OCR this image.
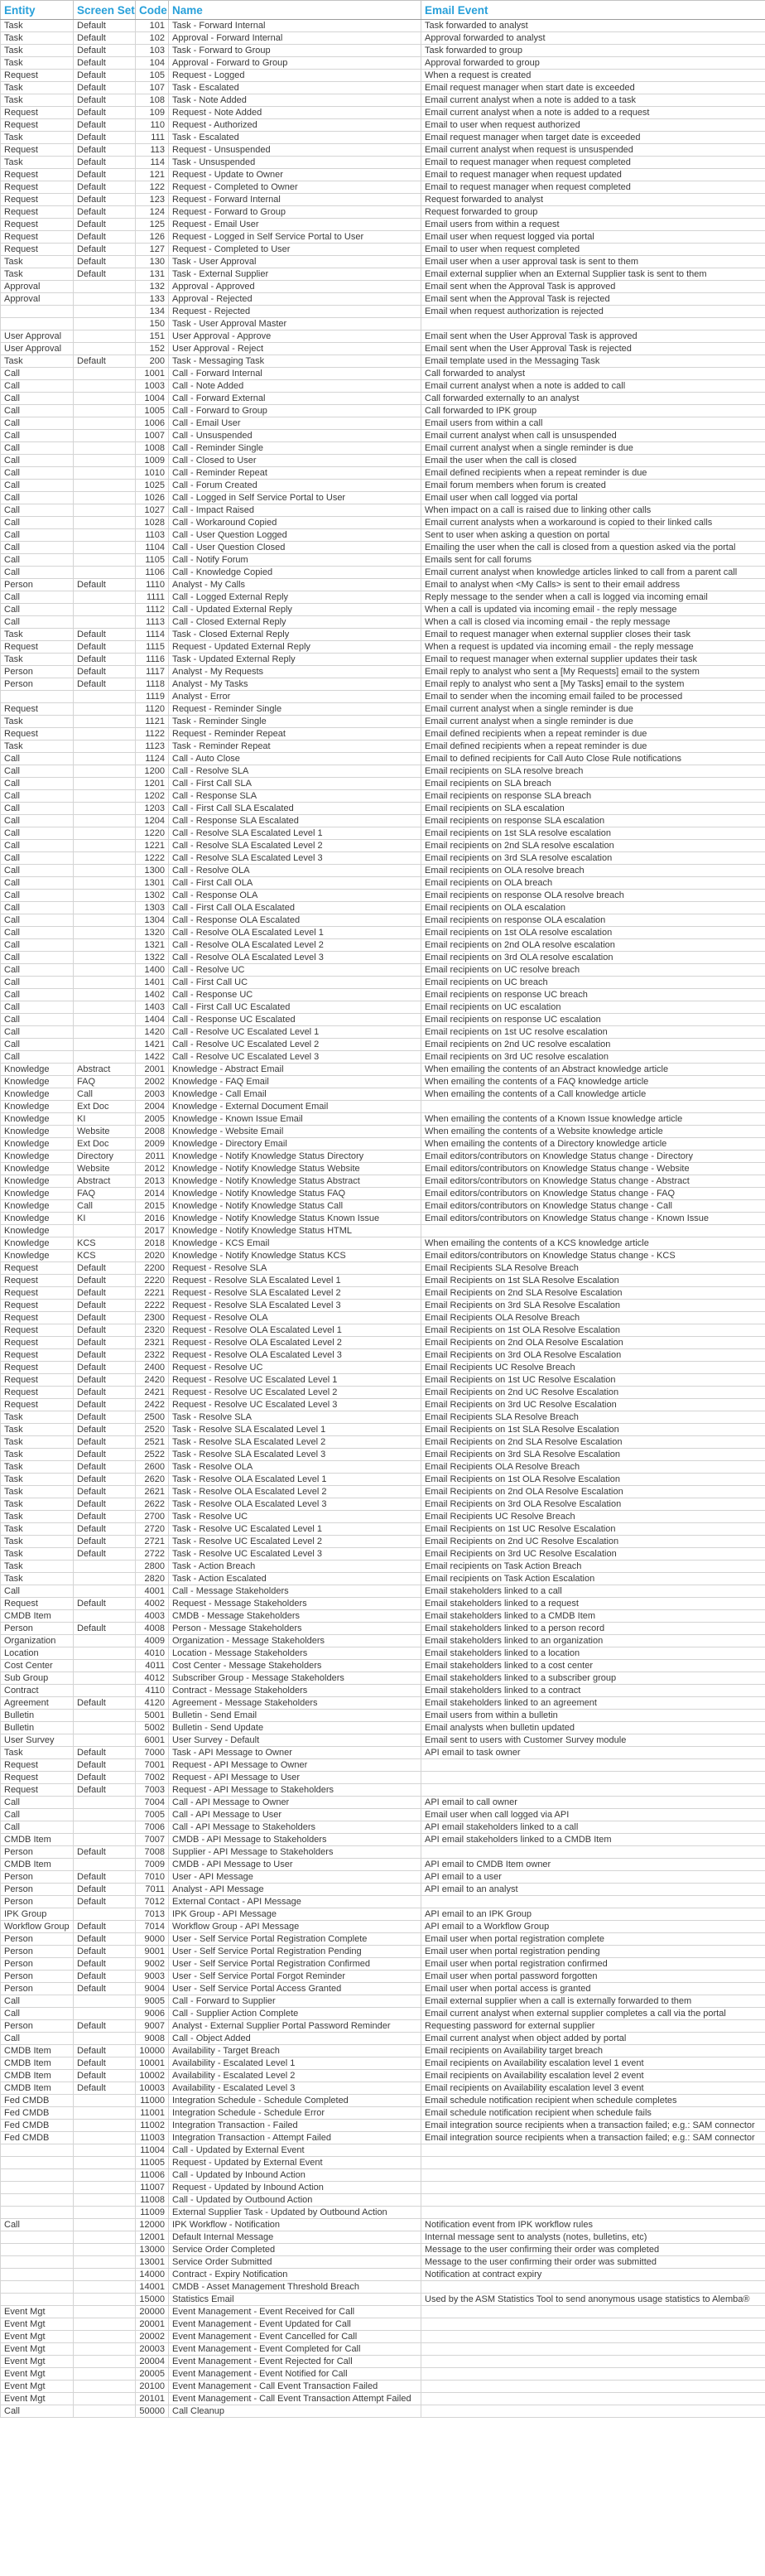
Entity	Screen Set	Code	Name	Email Event
Task	Default	101	Task - Forward Internal	Task forwarded to analyst
Task	Default	102	Approval - Forward Internal	Approval forwarded to analyst
Task	Default	103	Task - Forward to Group	Task forwarded to group
Task	Default	104	Approval - Forward to Group	Approval forwarded to group
Request	Default	105	Request - Logged	When a request is created
Task	Default	107	Task - Escalated	Email request manager when start date is exceeded
Task	Default	108	Task - Note Added	Email current analyst when a note is added to a task
Request	Default	109	Request - Note Added	Email current analyst when a note is added to a request
Request	Default	110	Request - Authorized	Email to user when request authorized
Task	Default	111	Task - Escalated	Email request manager when target date is exceeded
Request	Default	113	Request - Unsuspended	Email current analyst when request is unsuspended
Task	Default	114	Task - Unsuspended	Email to request manager when request completed
Request	Default	121	Request - Update to Owner	Email to request manager when request updated
Request	Default	122	Request - Completed to Owner	Email to request manager when request completed
Request	Default	123	Request - Forward Internal	Request forwarded to analyst
Request	Default	124	Request - Forward to Group	Request forwarded to group
Request	Default	125	Request - Email User	Email users from within a request
Request	Default	126	Request - Logged in Self Service Portal to User	Email user when request logged via portal
Request	Default	127	Request - Completed to User	Email to user when request completed
Task	Default	130	Task - User Approval	Email user when a user approval task is sent to them
Task	Default	131	Task - External Supplier	Email external supplier when an External Supplier task is sent to them
Approval		132	Approval - Approved	Email sent when the Approval Task is approved
Approval		133	Approval - Rejected	Email sent when the Approval Task is rejected
		134	Request - Rejected	Email when request authorization is rejected
		150	Task - User Approval Master	
User Approval		151	User Approval - Approve	Email sent when the User Approval Task is approved
User Approval		152	User Approval - Reject	Email sent when the User Approval Task is rejected
Task	Default	200	Task - Messaging Task	Email template used in the Messaging Task
Call		1001	Call - Forward Internal	Call forwarded to analyst
Call		1003	Call - Note Added	Email current analyst when a note is added to call
Call		1004	Call - Forward External	Call forwarded externally to an analyst
Call		1005	Call - Forward to Group	Call forwarded to IPK group
Call		1006	Call - Email User	Email users from within a call
Call		1007	Call - Unsuspended	Email current analyst when call is unsuspended
Call		1008	Call - Reminder Single	Email current analyst when a single reminder is due
Call		1009	Call - Closed to User	Email the user when the call is closed
Call		1010	Call - Reminder Repeat	Email defined recipients when a repeat reminder is due
Call		1025	Call - Forum Created	Email forum members when forum is created
Call		1026	Call - Logged in Self Service Portal to User	Email user when call logged via portal
Call		1027	Call - Impact Raised	When impact on a call is raised due to linking other calls
Call		1028	Call - Workaround Copied	Email current analysts when a workaround is copied to their linked calls
Call		1103	Call - User Question Logged	Sent to user when asking a question on portal
Call		1104	Call - User Question Closed	Emailing the user when the call is closed from a question asked via the portal
Call		1105	Call - Notify Forum	Emails sent for call forums
Call		1106	Call - Knowledge Copied	Email current analyst when knowledge articles linked to call from a parent call
Person	Default	1110	Analyst - My Calls	Email to analyst when <My Calls> is sent to their email address
Call		1111	Call - Logged External Reply	Reply message to the sender when a call is logged via incoming email
Call		1112	Call - Updated External Reply	When a call is updated via incoming email - the reply message
Call		1113	Call - Closed External Reply	When a call is closed via incoming email - the reply message
Task	Default	1114	Task - Closed External Reply	Email to request manager when external supplier closes their task
Request	Default	1115	Request - Updated External Reply	When a request is updated via incoming email - the reply message
Task	Default	1116	Task - Updated External Reply	Email to request manager when external supplier updates their task
Person	Default	1117	Analyst - My Requests	Email reply to analyst who sent a [My Requests] email to the system
Person	Default	1118	Analyst - My Tasks	Email reply to analyst who sent a [My Tasks] email to the system
		1119	Analyst - Error	Email to sender when the incoming email failed to be processed
Request		1120	Request - Reminder Single	Email current analyst when a single reminder is due
Task		1121	Task - Reminder Single	Email current analyst when a single reminder is due
Request		1122	Request - Reminder Repeat	Email defined recipients when a repeat reminder is due
Task		1123	Task - Reminder Repeat	Email defined recipients when a repeat reminder is due
Call		1124	Call - Auto Close	Email to defined recipients for Call Auto Close Rule notifications
Call		1200	Call - Resolve SLA	Email recipients on SLA resolve breach
Call		1201	Call - First Call SLA	Email recipients on SLA breach
Call		1202	Call - Response SLA	Email recipients on response SLA breach
Call		1203	Call - First Call SLA Escalated	Email recipients on SLA escalation
Call		1204	Call - Response SLA Escalated	Email recipients on response SLA escalation
Call		1220	Call - Resolve SLA Escalated Level 1	Email recipients on 1st SLA resolve escalation
Call		1221	Call - Resolve SLA Escalated Level 2	Email recipients on 2nd SLA resolve escalation
Call		1222	Call - Resolve SLA Escalated Level 3	Email recipients on 3rd SLA resolve escalation
Call		1300	Call - Resolve OLA	Email recipients on OLA resolve breach
Call		1301	Call - First Call OLA	Email recipients on OLA breach
Call		1302	Call - Response OLA	Email recipients on response OLA resolve breach
Call		1303	Call - First Call OLA Escalated	Email recipients on OLA escalation
Call		1304	Call - Response OLA Escalated	Email recipients on response OLA escalation
Call		1320	Call - Resolve OLA Escalated Level 1	Email recipients on 1st OLA resolve escalation
Call		1321	Call - Resolve OLA Escalated Level 2	Email recipients on 2nd OLA resolve escalation
Call		1322	Call - Resolve OLA Escalated Level 3	Email recipients on 3rd OLA resolve escalation
Call		1400	Call - Resolve UC	Email recipients on UC resolve breach
Call		1401	Call - First Call UC	Email recipients on UC breach
Call		1402	Call - Response UC	Email recipients on response UC breach
Call		1403	Call - First Call UC Escalated	Email recipients on UC escalation
Call		1404	Call - Response UC Escalated	Email recipients on response UC escalation
Call		1420	Call - Resolve UC Escalated Level 1	Email recipients on 1st UC resolve escalation
Call		1421	Call - Resolve UC Escalated Level 2	Email recipients on 2nd UC resolve escalation
Call		1422	Call - Resolve UC Escalated Level 3	Email recipients on 3rd UC resolve escalation
Knowledge	Abstract	2001	Knowledge - Abstract Email	When emailing the contents of an Abstract knowledge article
Knowledge	FAQ	2002	Knowledge - FAQ Email	When emailing the contents of a FAQ knowledge article
Knowledge	Call	2003	Knowledge - Call Email	When emailing the contents of a Call knowledge article
Knowledge	Ext Doc	2004	Knowledge - External Document Email	
Knowledge	KI	2005	Knowledge - Known Issue Email	When emailing the contents of a Known Issue knowledge article
Knowledge	Website	2008	Knowledge - Website Email	When emailing the contents of a Website knowledge article
Knowledge	Ext Doc	2009	Knowledge - Directory Email	When emailing the contents of a Directory knowledge article
Knowledge	Directory	2011	Knowledge - Notify Knowledge Status Directory	Email editors/contributors on Knowledge Status change - Directory
Knowledge	Website	2012	Knowledge - Notify Knowledge Status Website	Email editors/contributors on Knowledge Status change - Website
Knowledge	Abstract	2013	Knowledge - Notify Knowledge Status Abstract	Email editors/contributors on Knowledge Status change - Abstract
Knowledge	FAQ	2014	Knowledge - Notify Knowledge Status FAQ	Email editors/contributors on Knowledge Status change - FAQ
Knowledge	Call	2015	Knowledge - Notify Knowledge Status Call	Email editors/contributors on Knowledge Status change - Call
Knowledge	KI	2016	Knowledge - Notify Knowledge Status Known Issue	Email editors/contributors on Knowledge Status change - Known Issue
Knowledge		2017	Knowledge - Notify Knowledge Status HTML	
Knowledge	KCS	2018	Knowledge - KCS Email	When emailing the contents of a KCS knowledge article
Knowledge	KCS	2020	Knowledge - Notify Knowledge Status KCS	Email editors/contributors on Knowledge Status change - KCS
Request	Default	2200	Request - Resolve SLA	Email Recipients SLA Resolve Breach
Request	Default	2220	Request - Resolve SLA Escalated Level 1	Email Recipients on 1st SLA Resolve Escalation
Request	Default	2221	Request - Resolve SLA Escalated Level 2	Email Recipients on 2nd SLA Resolve Escalation
Request	Default	2222	Request - Resolve SLA Escalated Level 3	Email Recipients on 3rd SLA Resolve Escalation
Request	Default	2300	Request - Resolve OLA	Email Recipients OLA Resolve Breach
Request	Default	2320	Request - Resolve OLA Escalated Level 1	Email Recipients on 1st OLA Resolve Escalation
Request	Default	2321	Request - Resolve OLA Escalated Level 2	Email Recipients on 2nd OLA Resolve Escalation
Request	Default	2322	Request - Resolve OLA Escalated Level 3	Email Recipients on 3rd OLA Resolve Escalation
Request	Default	2400	Request - Resolve UC	Email Recipients UC Resolve Breach
Request	Default	2420	Request - Resolve UC Escalated Level 1	Email Recipients on 1st UC Resolve Escalation
Request	Default	2421	Request - Resolve UC Escalated Level 2	Email Recipients on 2nd UC Resolve Escalation
Request	Default	2422	Request - Resolve UC Escalated Level 3	Email Recipients on 3rd UC Resolve Escalation
Task	Default	2500	Task - Resolve SLA	Email Recipients SLA Resolve Breach
Task	Default	2520	Task - Resolve SLA Escalated Level 1	Email Recipients on 1st SLA Resolve Escalation
Task	Default	2521	Task - Resolve SLA Escalated Level 2	Email Recipients on 2nd SLA Resolve Escalation
Task	Default	2522	Task - Resolve SLA Escalated Level 3	Email Recipients on 3rd SLA Resolve Escalation
Task	Default	2600	Task - Resolve OLA	Email Recipients OLA Resolve Breach
Task	Default	2620	Task - Resolve OLA Escalated Level 1	Email Recipients on 1st OLA Resolve Escalation
Task	Default	2621	Task - Resolve OLA Escalated Level 2	Email Recipients on 2nd OLA Resolve Escalation
Task	Default	2622	Task - Resolve OLA Escalated Level 3	Email Recipients on 3rd OLA Resolve Escalation
Task	Default	2700	Task - Resolve UC	Email Recipients UC Resolve Breach
Task	Default	2720	Task - Resolve UC Escalated Level 1	Email Recipients on 1st UC Resolve Escalation
Task	Default	2721	Task - Resolve UC Escalated Level 2	Email Recipients on 2nd UC Resolve Escalation
Task	Default	2722	Task - Resolve UC Escalated Level 3	Email Recipients on 3rd UC Resolve Escalation
Task		2800	Task - Action Breach	Email recipients on Task Action Breach
Task		2820	Task - Action Escalated	Email recipients on Task Action Escalation
Call		4001	Call - Message Stakeholders	Email stakeholders linked to a call
Request	Default	4002	Request - Message Stakeholders	Email stakeholders linked to a request
CMDB Item		4003	CMDB - Message Stakeholders	Email stakeholders linked to a CMDB Item
Person	Default	4008	Person - Message Stakeholders	Email stakeholders linked to a person record
Organization		4009	Organization - Message Stakeholders	Email stakeholders linked to an organization
Location		4010	Location - Message Stakeholders	Email stakeholders linked to a location
Cost Center		4011	Cost Center - Message Stakeholders	Email stakeholders linked to a cost center
Sub Group		4012	Subscriber Group - Message Stakeholders	Email stakeholders linked to a subscriber group
Contract		4110	Contract - Message Stakeholders	Email stakeholders linked to a contract
Agreement	Default	4120	Agreement - Message Stakeholders	Email stakeholders linked to an agreement
Bulletin		5001	Bulletin - Send Email	Email users from within a bulletin
Bulletin		5002	Bulletin - Send Update	Email analysts when bulletin updated
User Survey		6001	User Survey - Default	Email sent to users with Customer Survey module
Task	Default	7000	Task - API Message to Owner	API email to task owner
Request	Default	7001	Request - API Message to Owner	
Request	Default	7002	Request - API Message to User	
Request	Default	7003	Request - API Message to Stakeholders	
Call		7004	Call - API Message to Owner	API email to call owner
Call		7005	Call - API Message to User	Email user when call logged via API
Call		7006	Call - API Message to Stakeholders	API email stakeholders linked to a call
CMDB Item		7007	CMDB - API Message to Stakeholders	API email stakeholders linked to a CMDB Item
Person	Default	7008	Supplier - API Message to Stakeholders	
CMDB Item		7009	CMDB - API Message to User	API email to CMDB Item owner
Person	Default	7010	User - API Message	API email to a user
Person	Default	7011	Analyst - API Message	API email to an analyst
Person	Default	7012	External Contact - API Message	
IPK Group		7013	IPK Group - API Message	API email to an IPK Group
Workflow Group	Default	7014	Workflow Group - API Message	API email to a Workflow Group
Person	Default	9000	User - Self Service Portal Registration Complete	Email user when portal registration complete
Person	Default	9001	User - Self Service Portal Registration Pending	Email user when portal registration pending
Person	Default	9002	User - Self Service Portal Registration Confirmed	Email user when portal registration confirmed
Person	Default	9003	User - Self Service Portal Forgot Reminder	Email user when portal password forgotten
Person	Default	9004	User - Self Service Portal Access Granted	Email user when portal access is granted
Call		9005	Call - Forward to Supplier	Email external supplier when a call is externally forwarded to them
Call		9006	Call - Supplier Action Complete	Email current analyst when external supplier completes a call via the portal
Person	Default	9007	Analyst - External Supplier Portal Password Reminder	Requesting password for external supplier
Call		9008	Call - Object Added	Email current analyst when object added by portal
CMDB Item	Default	10000	Availability - Target Breach	Email recipients on Availability target breach
CMDB Item	Default	10001	Availability - Escalated Level 1	Email recipients on Availability escalation level 1 event
CMDB Item	Default	10002	Availability - Escalated Level 2	Email recipients on Availability escalation level 2 event
CMDB Item	Default	10003	Availability - Escalated Level 3	Email recipients on Availability escalation level 3 event
Fed CMDB		11000	Integration Schedule - Schedule Completed	Email schedule notification recipient when schedule completes
Fed CMDB		11001	Integration Schedule - Schedule Error	Email schedule notification recipient when schedule fails
Fed CMDB		11002	Integration Transaction - Failed	Email integration source recipients when a transaction failed; e.g.: SAM connector
Fed CMDB		11003	Integration Transaction - Attempt Failed	Email integration source recipients when a transaction failed; e.g.: SAM connector
		11004	Call - Updated by External Event	
		11005	Request - Updated by External Event	
		11006	Call - Updated by Inbound Action	
		11007	Request - Updated by Inbound Action	
		11008	Call - Updated by Outbound Action	
		11009	External Supplier Task - Updated by Outbound Action	
Call		12000	IPK Workflow - Notification	Notification event from IPK workflow rules
		12001	Default Internal Message	Internal message sent to analysts (notes, bulletins, etc)
		13000	Service Order Completed	Message to the user confirming their order was completed
		13001	Service Order Submitted	Message to the user confirming their order was submitted
		14000	Contract - Expiry Notification	Notification at contract expiry
		14001	CMDB - Asset Management Threshold Breach	
		15000	Statistics Email	Used by the ASM Statistics Tool to send anonymous usage statistics to Alemba®
Event Mgt		20000	Event Management - Event Received for Call	
Event Mgt		20001	Event Management - Event Updated for Call	
Event Mgt		20002	Event Management - Event Cancelled for Call	
Event Mgt		20003	Event Management - Event Completed for Call	
Event Mgt		20004	Event Management - Event Rejected for Call	
Event Mgt		20005	Event Management - Event Notified for Call	
Event Mgt		20100	Event Management - Call Event Transaction Failed	
Event Mgt		20101	Event Management - Call Event Transaction Attempt Failed	
Call		50000	Call Cleanup	
